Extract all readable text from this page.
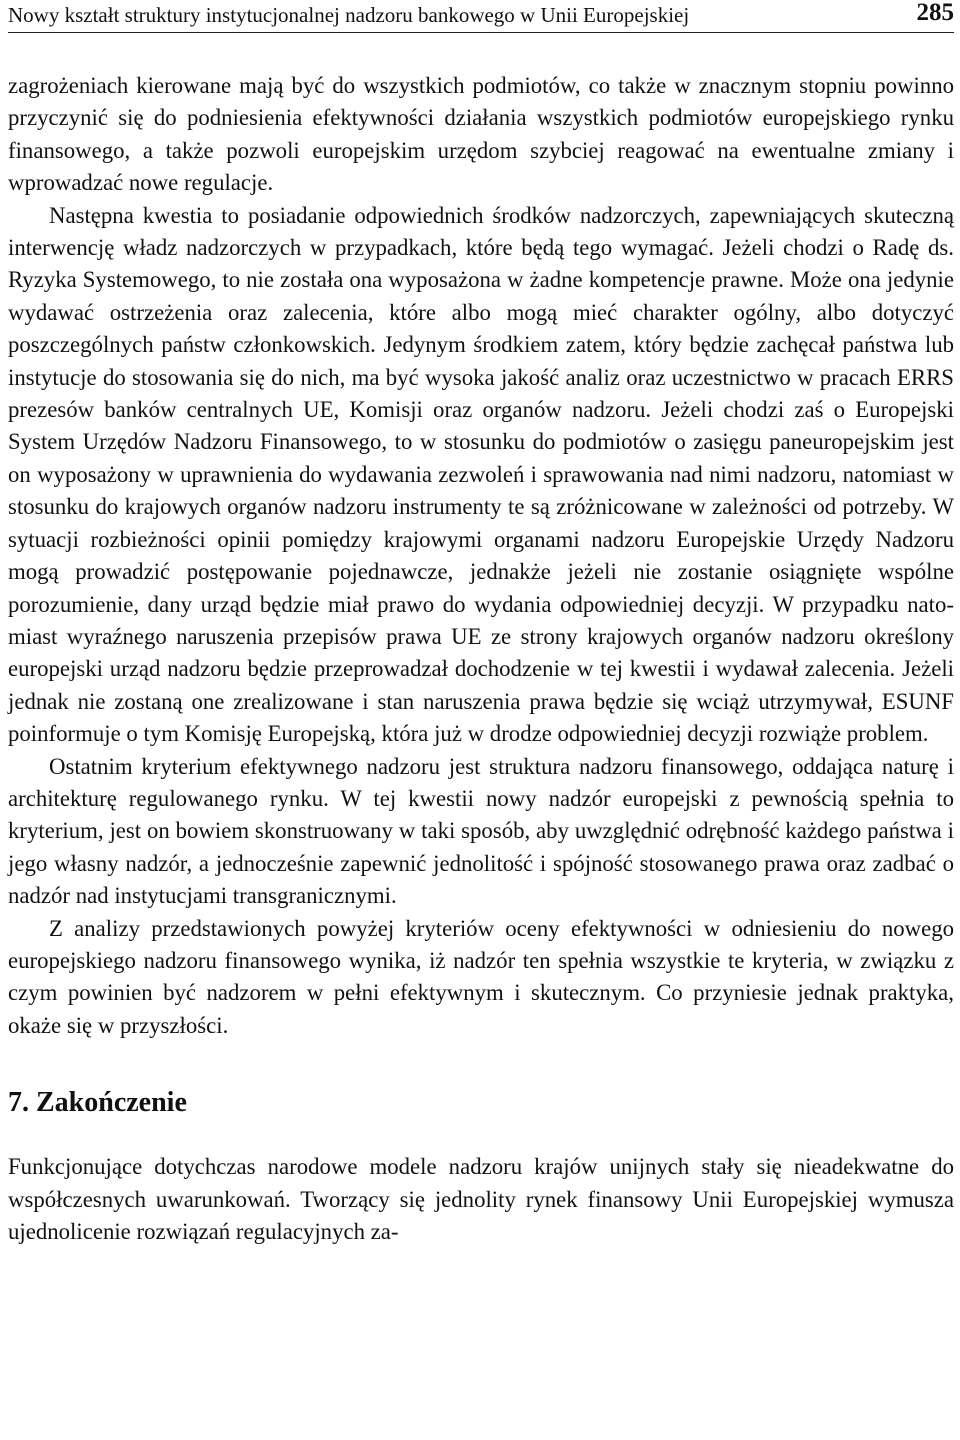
Nowy kształt struktury instytucjonalnej nadzoru bankowego w Unii Europejskiej	285

zagrożeniach kierowane mają być do wszystkich podmiotów, co także w znacznym stopniu powinno przyczynić się do podniesienia efektywności działania wszystkich podmiotów europejskiego rynku finansowego, a także pozwoli europejskim urzędom szybciej reagować na ewentualne zmiany i wprowadzać nowe regulacje.

Następna kwestia to posiadanie odpowiednich środków nadzorczych, zapewniających skuteczną interwencję władz nadzorczych w przypadkach, które będą tego wymagać. Jeżeli chodzi o Radę ds. Ryzyka Systemowego, to nie została ona wyposażona w żadne kompetencje prawne. Może ona jedynie wydawać ostrzeżenia oraz zalecenia, które albo mogą mieć charakter ogólny, albo dotyczyć poszczególnych państw członkowskich. Jedynym środkiem zatem, który będzie zachęcał państwa lub instytucje do stosowania się do nich, ma być wysoka jakość analiz oraz uczestnictwo w pracach ERRS prezesów banków centralnych UE, Komisji oraz organów nadzoru. Jeżeli chodzi zaś o Europejski System Urzędów Nadzoru Finansowego, to w stosunku do podmiotów o zasięgu paneuropejskim jest on wyposażony w uprawnienia do wydawania zezwoleń i sprawowania nad nimi nadzoru, natomiast w stosunku do krajowych organów nadzoru instrumenty te są zróżnicowane w zależności od potrzeby. W sytuacji rozbieżności opinii pomiędzy krajowymi organami nadzoru Europejskie Urzędy Nadzoru mogą prowadzić postępowanie pojednawcze, jednakże jeżeli nie zostanie osiągnięte wspólne porozumienie, dany urząd będzie miał prawo do wydania odpowiedniej decyzji. W przypadku natomiast wyraźnego naruszenia przepisów prawa UE ze strony krajowych organów nadzoru określony europejski urząd nadzoru będzie przeprowadzał dochodzenie w tej kwestii i wydawał zalecenia. Jeżeli jednak nie zostaną one zrealizowane i stan naruszenia prawa będzie się wciąż utrzymywał, ESUNF poinformuje o tym Komisję Europejską, która już w drodze odpowiedniej decyzji rozwiąże problem.

Ostatnim kryterium efektywnego nadzoru jest struktura nadzoru finansowego, oddająca naturę i architekturę regulowanego rynku. W tej kwestii nowy nadzór europejski z pewnością spełnia to kryterium, jest on bowiem skonstruowany w taki sposób, aby uwzględnić odrębność każdego państwa i jego własny nadzór, a jednocześnie zapewnić jednolitość i spójność stosowanego prawa oraz zadbać o nadzór nad instytucjami transgranicznymi.

Z analizy przedstawionych powyżej kryteriów oceny efektywności w odniesieniu do nowego europejskiego nadzoru finansowego wynika, iż nadzór ten spełnia wszystkie te kryteria, w związku z czym powinien być nadzorem w pełni efektywnym i skutecznym. Co przyniesie jednak praktyka, okaże się w przyszłości.

7. Zakończenie

Funkcjonujące dotychczas narodowe modele nadzoru krajów unijnych stały się nieadekwatne do współczesnych uwarunkowań. Tworzący się jednolity rynek finansowy Unii Europejskiej wymusza ujednolicenie rozwiązań regulacyjnych za-
